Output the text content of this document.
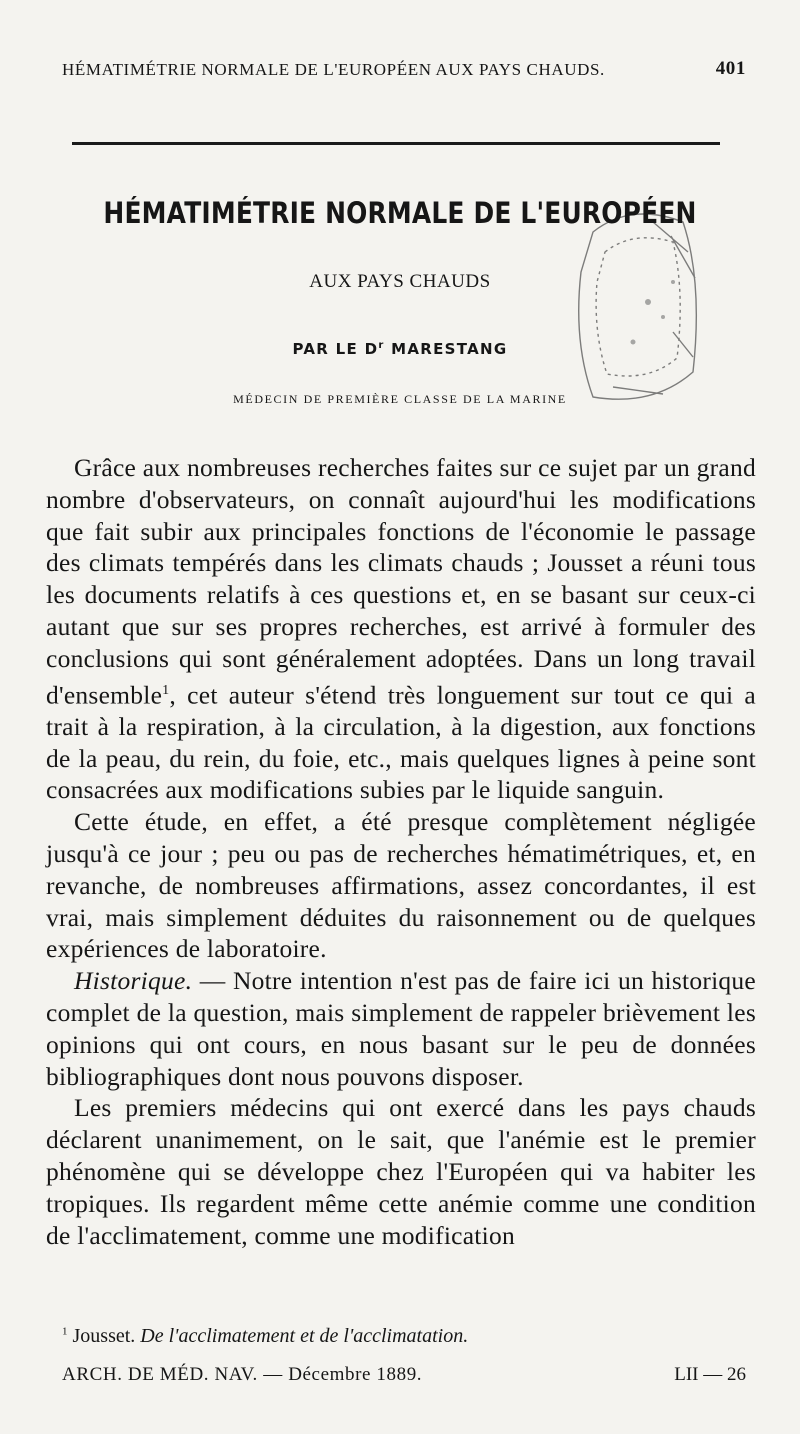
HÉMATIMÉTRIE NORMALE DE L'EUROPÉEN AUX PAYS CHAUDS.	401
HÉMATIMÉTRIE NORMALE DE L'EUROPÉEN
AUX PAYS CHAUDS
PAR LE $D^r$ MARESTANG
MÉDECIN DE PREMIÈRE CLASSE DE LA MARINE

Grâce aux nombreuses recherches faites sur ce sujet par un grand nombre d'observateurs, on connaît aujourd'hui les modifications que fait subir aux principales fonctions de l'économie le passage des climats tempérés dans les climats chauds ; Jousset a réuni tous les documents relatifs à ces questions et, en se basant sur ceux-ci autant que sur ses propres recherches, est arrivé à formuler des conclusions qui sont généralement adoptées. Dans un long travail d'ensemble$^1$, cet auteur s'étend très longuement sur tout ce qui a trait à la respiration, à la circulation, à la digestion, aux fonctions de la peau, du rein, du foie, etc., mais quelques lignes à peine sont consacrées aux modifications subies par le liquide sanguin.

Cette étude, en effet, a été presque complètement négligée jusqu'à ce jour ; peu ou pas de recherches hématimétriques, et, en revanche, de nombreuses affirmations, assez concordantes, il est vrai, mais simplement déduites du raisonnement ou de quelques expériences de laboratoire.

Historique. — Notre intention n'est pas de faire ici un historique complet de la question, mais simplement de rappeler brièvement les opinions qui ont cours, en nous basant sur le peu de données bibliographiques dont nous pouvons disposer.

Les premiers médecins qui ont exercé dans les pays chauds déclarent unanimement, on le sait, que l'anémie est le premier phénomène qui se développe chez l'Européen qui va habiter les tropiques. Ils regardent même cette anémie comme une condition de l'acclimatement, comme une modification

$^1$ Jousset. De l'acclimatement et de l'acclimatation.
ARCH. DE MÉD. NAV. — Décembre 1889.	LII — 26
